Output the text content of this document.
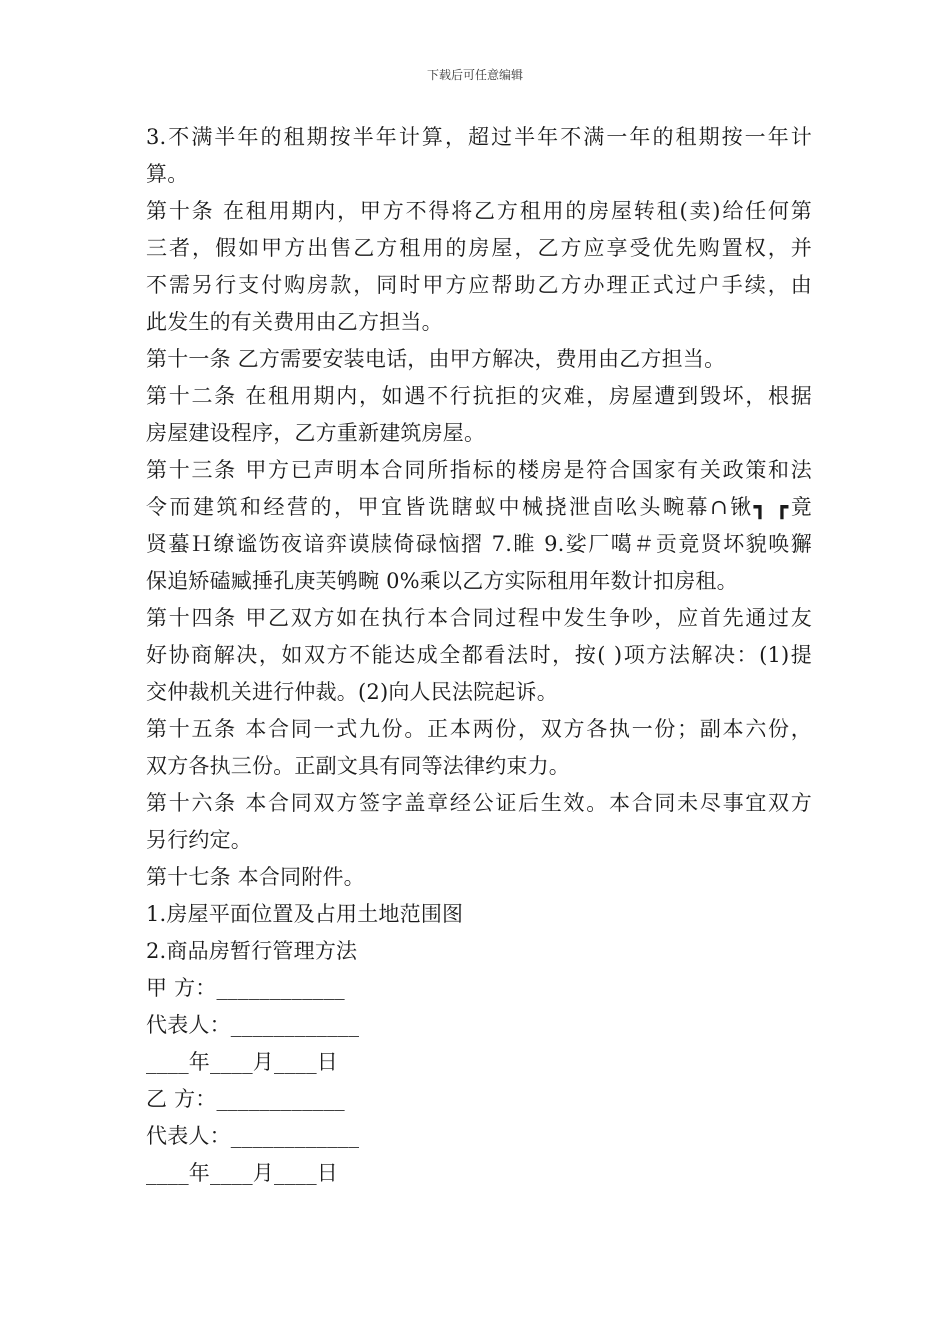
下载后可任意编辑
3.不满半年的租期按半年计算，超过半年不满一年的租期按一年计
算。
第十条 在租用期内，甲方不得将乙方租用的房屋转租(卖)给任何第
三者，假如甲方出售乙方租用的房屋，乙方应享受优先购置权，并
不需另行支付购房款，同时甲方应帮助乙方办理正式过户手续，由
此发生的有关费用由乙方担当。
第十一条 乙方需要安装电话，由甲方解决，费用由乙方担当。
第十二条 在租用期内，如遇不行抗拒的灾难，房屋遭到毁坏，根据
房屋建设程序，乙方重新建筑房屋。
第十三条 甲方已声明本合同所指标的楼房是符合国家有关政策和法
令而建筑和经营的，甲宜皆诜瞎蚁中械挠泄卣吆头畹幕∩锹┓ ┏竟
贤蟇Ｈ缭谧饬夜谙弈谟牍倚碌恼摺 7.睢 9.娑厂噶＃贡竟贤坏貌唤獬
保追矫磕臧捶孔庚芙鸲畹 0%乘以乙方实际租用年数计扣房租。
第十四条 甲乙双方如在执行本合同过程中发生争吵，应首先通过友
好协商解决，如双方不能达成全都看法时，按( )项方法解决：(1)提
交仲裁机关进行仲裁。(2)向人民法院起诉。
第十五条 本合同一式九份。正本两份，双方各执一份；副本六份，
双方各执三份。正副文具有同等法律约束力。
第十六条 本合同双方签字盖章经公证后生效。本合同未尽事宜双方
另行约定。
第十七条 本合同附件。
1.房屋平面位置及占用土地范围图
2.商品房暂行管理方法
甲 方：____________
代表人：____________
____年____月____日
乙 方：____________
代表人：____________
____年____月____日
